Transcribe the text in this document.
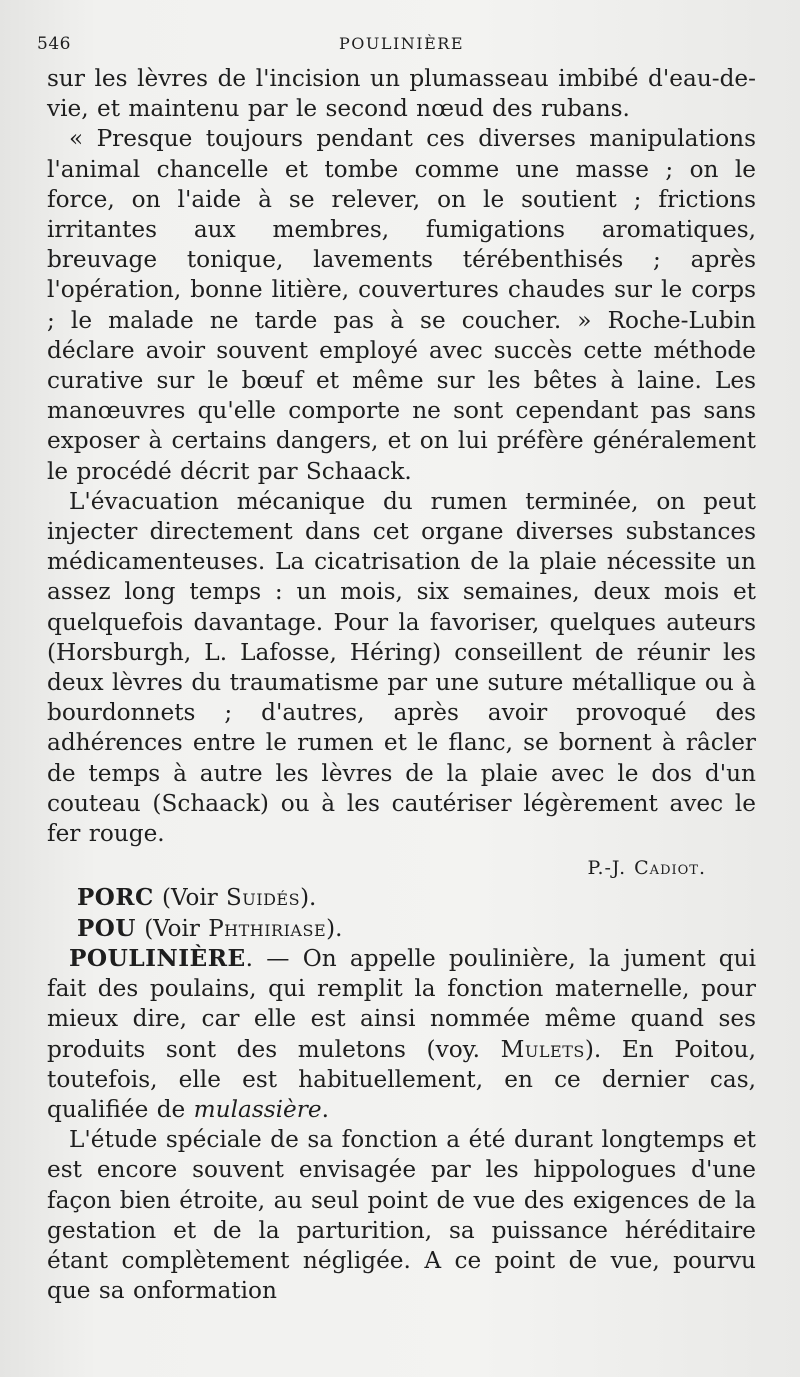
546	POULINIÈRE

sur les lèvres de l'incision un plumasseau imbibé d'eau-de-vie, et maintenu par le second nœud des rubans.

« Presque toujours pendant ces diverses manipulations l'animal chancelle et tombe comme une masse ; on le force, on l'aide à se relever, on le soutient ; frictions irritantes aux membres, fumigations aromatiques, breuvage tonique, lavements térébenthisés ; après l'opération, bonne litière, couvertures chaudes sur le corps ; le malade ne tarde pas à se coucher. » Roche-Lubin déclare avoir souvent employé avec succès cette méthode curative sur le bœuf et même sur les bêtes à laine. Les manœuvres qu'elle comporte ne sont cependant pas sans exposer à certains dangers, et on lui préfère généralement le procédé décrit par Schaack.

L'évacuation mécanique du rumen terminée, on peut injecter directement dans cet organe diverses substances médicamenteuses. La cicatrisation de la plaie nécessite un assez long temps : un mois, six semaines, deux mois et quelquefois davantage. Pour la favoriser, quelques auteurs (Horsburgh, L. Lafosse, Héring) conseillent de réunir les deux lèvres du traumatisme par une suture métallique ou à bourdonnets ; d'autres, après avoir provoqué des adhérences entre le rumen et le flanc, se bornent à râcler de temps à autre les lèvres de la plaie avec le dos d'un couteau (Schaack) ou à les cautériser légèrement avec le fer rouge.

P.-J. Cadiot.

PORC (Voir Suidés).

POU (Voir Phthiriase).

POULINIÈRE. — On appelle poulinière, la jument qui fait des poulains, qui remplit la fonction maternelle, pour mieux dire, car elle est ainsi nommée même quand ses produits sont des muletons (voy. Mulets). En Poitou, toutefois, elle est habituellement, en ce dernier cas, qualifiée de mulassière.

L'étude spéciale de sa fonction a été durant longtemps et est encore souvent envisagée par les hippologues d'une façon bien étroite, au seul point de vue des exigences de la gestation et de la parturition, sa puissance héréditaire étant complètement négligée. A ce point de vue, pourvu que sa onformation
